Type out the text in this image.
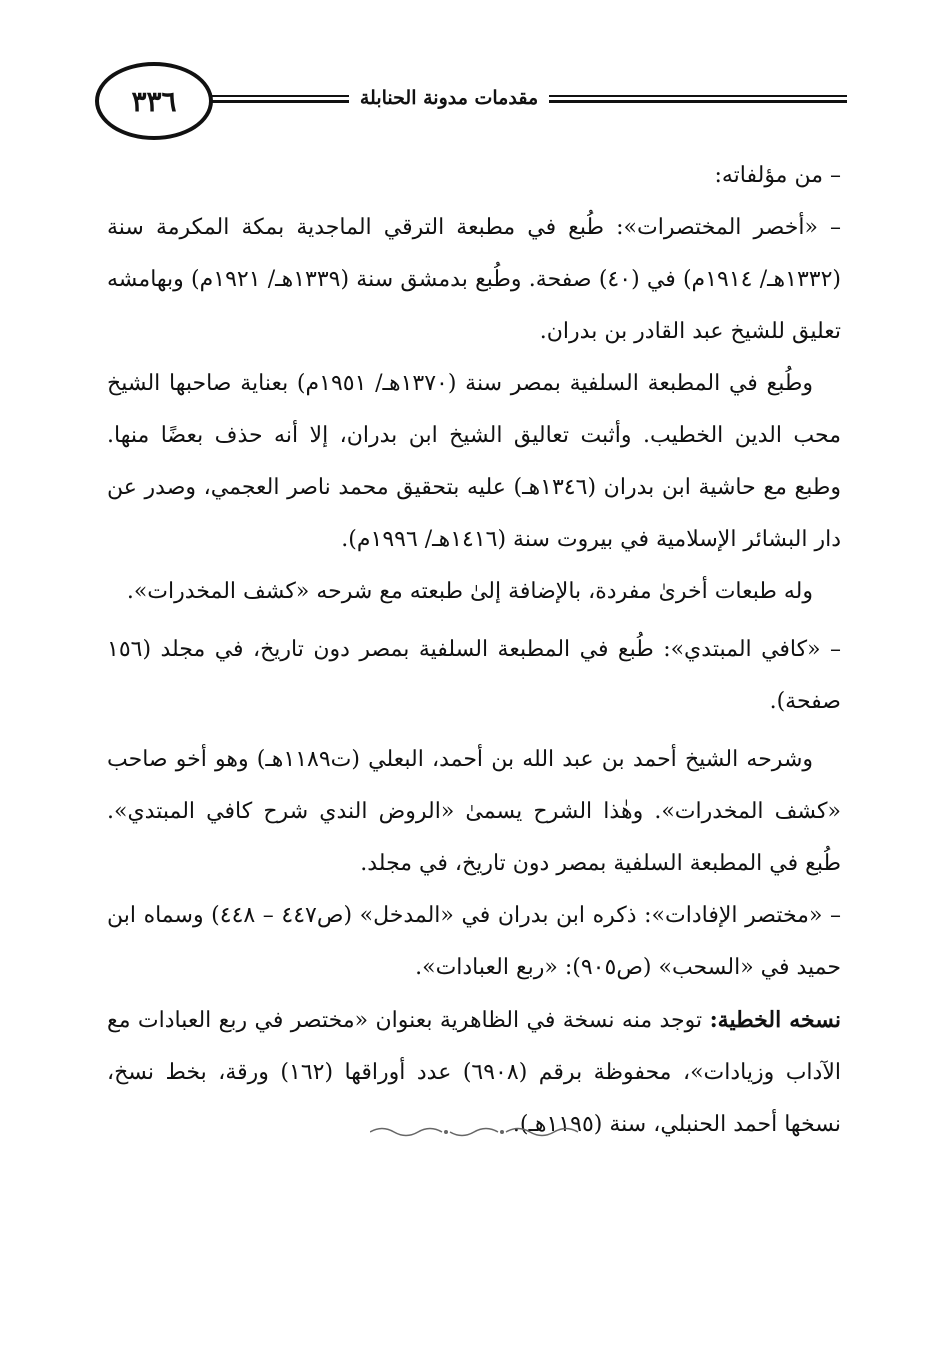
٣٣٦	مقدمات مدونة الحنابلة

– من مؤلفاته:

– «أخصر المختصرات»: طُبع في مطبعة الترقي الماجدية بمكة المكرمة سنة (١٣٣٢هـ/ ١٩١٤م) في (٤٠) صفحة. وطُبع بدمشق سنة (١٣٣٩هـ/ ١٩٢١م) وبهامشه تعليق للشيخ عبد القادر بن بدران.

وطُبع في المطبعة السلفية بمصر سنة (١٣٧٠هـ/ ١٩٥١م) بعناية صاحبها الشيخ محب الدين الخطيب. وأثبت تعاليق الشيخ ابن بدران، إلا أنه حذف بعضًا منها. وطبع مع حاشية ابن بدران (١٣٤٦هـ) عليه بتحقيق محمد ناصر العجمي، وصدر عن دار البشائر الإسلامية في بيروت سنة (١٤١٦هـ/ ١٩٩٦م).

وله طبعات أخرىٰ مفردة، بالإضافة إلىٰ طبعته مع شرحه «كشف المخدرات».

– «كافي المبتدي»: طُبع في المطبعة السلفية بمصر دون تاريخ، في مجلد (١٥٦ صفحة).

وشرحه الشيخ أحمد بن عبد الله بن أحمد، البعلي (ت١١٨٩هـ) وهو أخو صاحب «كشف المخدرات». وهٰذا الشرح يسمىٰ «الروض الندي شرح كافي المبتدي». طُبع في المطبعة السلفية بمصر دون تاريخ، في مجلد.

– «مختصر الإفادات»: ذكره ابن بدران في «المدخل» (ص٤٤٧ – ٤٤٨) وسماه ابن حميد في «السحب» (ص٩٠٥): «ربع العبادات».

نسخه الخطية: توجد منه نسخة في الظاهرية بعنوان «مختصر في ربع العبادات مع الآداب وزيادات»، محفوظة برقم (٦٩٠٨) عدد أوراقها (١٦٢) ورقة، بخط نسخ، نسخها أحمد الحنبلي، سنة (١١٩٥هـ).
